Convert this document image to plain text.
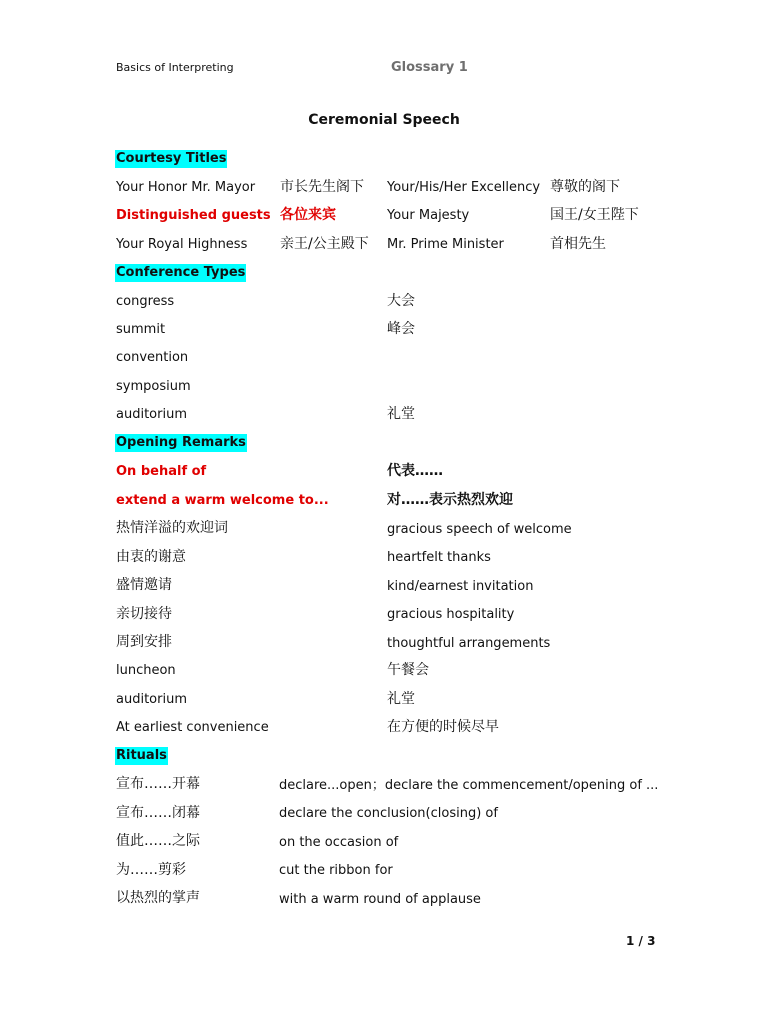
Basics of Interpreting	Glossary 1
Ceremonial Speech
Courtesy Titles
Your Honor Mr. Mayor 市长先生阁下 Your/His/Her Excellency 尊敬的阁下
Distinguished guests 各位来宾	Your Majesty	国王/女王陛下
Your Royal Highness 亲王/公主殿下 Mr. Prime Minister	首相先生
Conference Types
congress	大会
summit	峰会
convention
symposium
auditorium	礼堂
Opening Remarks
On behalf of	代表……
extend a warm welcome to...	对……表示热烈欢迎
热情洋溢的欢迎词	gracious speech of welcome
由衷的谢意	heartfelt thanks
盛情邀请	kind/earnest invitation
亲切接待	gracious hospitality
周到安排	thoughtful arrangements
luncheon	午餐会
auditorium	礼堂
At earliest convenience	在方便的时候尽早
Rituals
宣布……开幕	declare...open；declare the commencement/opening of ...
宣布……闭幕	declare the conclusion(closing) of
值此……之际	on the occasion of
为……剪彩	cut the ribbon for
以热烈的掌声	with a warm round of applause
1 / 3
